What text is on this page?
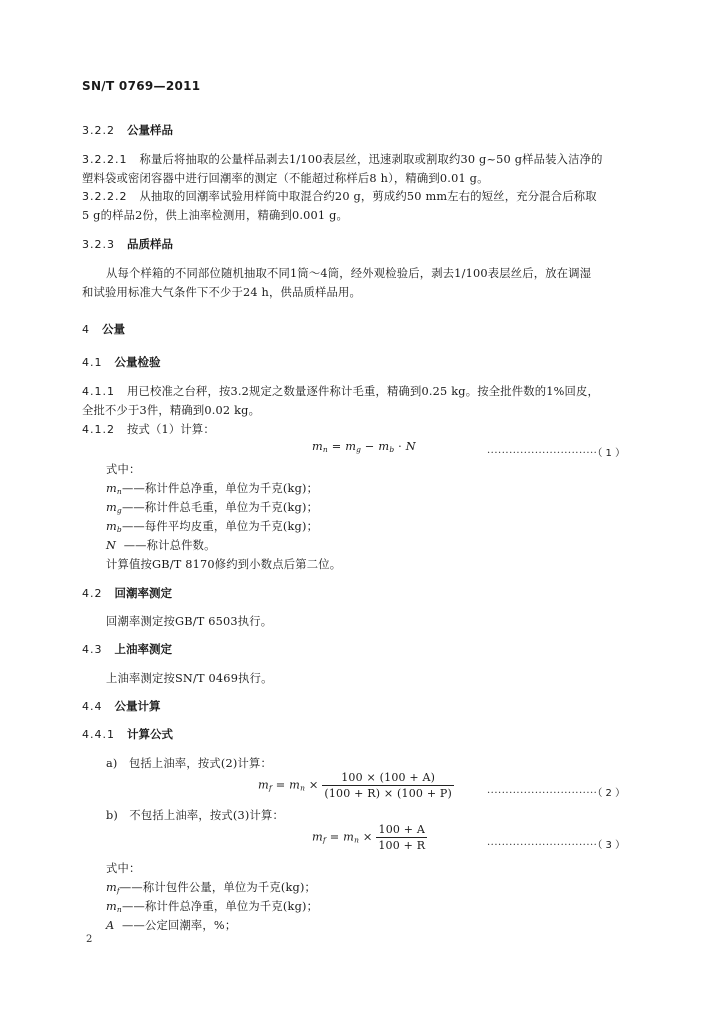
SN/T 0769—2011
3.2.2 公量样品
3.2.2.1 称量后将抽取的公量样品剥去1/100表层丝，迅速剥取或割取约30 g~50 g样品装入洁净的
塑料袋或密闭容器中进行回潮率的测定（不能超过称样后8 h），精确到0.01 g。
3.2.2.2 从抽取的回潮率试验用样筒中取混合约20 g，剪成约50 mm左右的短丝，充分混合后称取
5 g的样品2份，供上油率检测用，精确到0.001 g。
3.2.3 品质样品
从每个样箱的不同部位随机抽取不同1筒～4筒，经外观检验后，剥去1/100表层丝后，放在调湿
和试验用标准大气条件下不少于24 h，供品质样品用。
4 公量
4.1 公量检验
4.1.1 用已校准之台秤，按3.2规定之数量逐件称计毛重，精确到0.25 kg。按全批件数的1%回皮，
全批不少于3件，精确到0.02 kg。
4.1.2 按式（1）计算：
$m_n = m_g - m_b \cdot N$
······························（ 1 ）
式中：
$m_n——$称计件总净重，单位为千克(kg)；
$m_g——$称计件总毛重，单位为千克(kg)；
$m_b——$每件平均皮重，单位为千克(kg)；
N ——称计总件数。
计算值按GB/T 8170修约到小数点后第二位。
4.2 回潮率测定
回潮率测定按GB/T 6503执行。
4.3 上油率测定
上油率测定按SN/T 0469执行。
4.4 公量计算
4.4.1 计算公式
a) 包括上油率，按式(2)计算：
$m_f = m_n \times \frac{100 \times (100 + A)}{(100 + R) \times (100 + P)}$	······························（ 2 ）
b) 不包括上油率，按式(3)计算：
$m_f = m_n \times \frac{100 + A}{100 + R}$	······························（ 3 ）
式中：
$m_f——$称计包件公量，单位为千克(kg)；
$m_n——$称计件总净重，单位为千克(kg)；
A ——公定回潮率，%；
2
